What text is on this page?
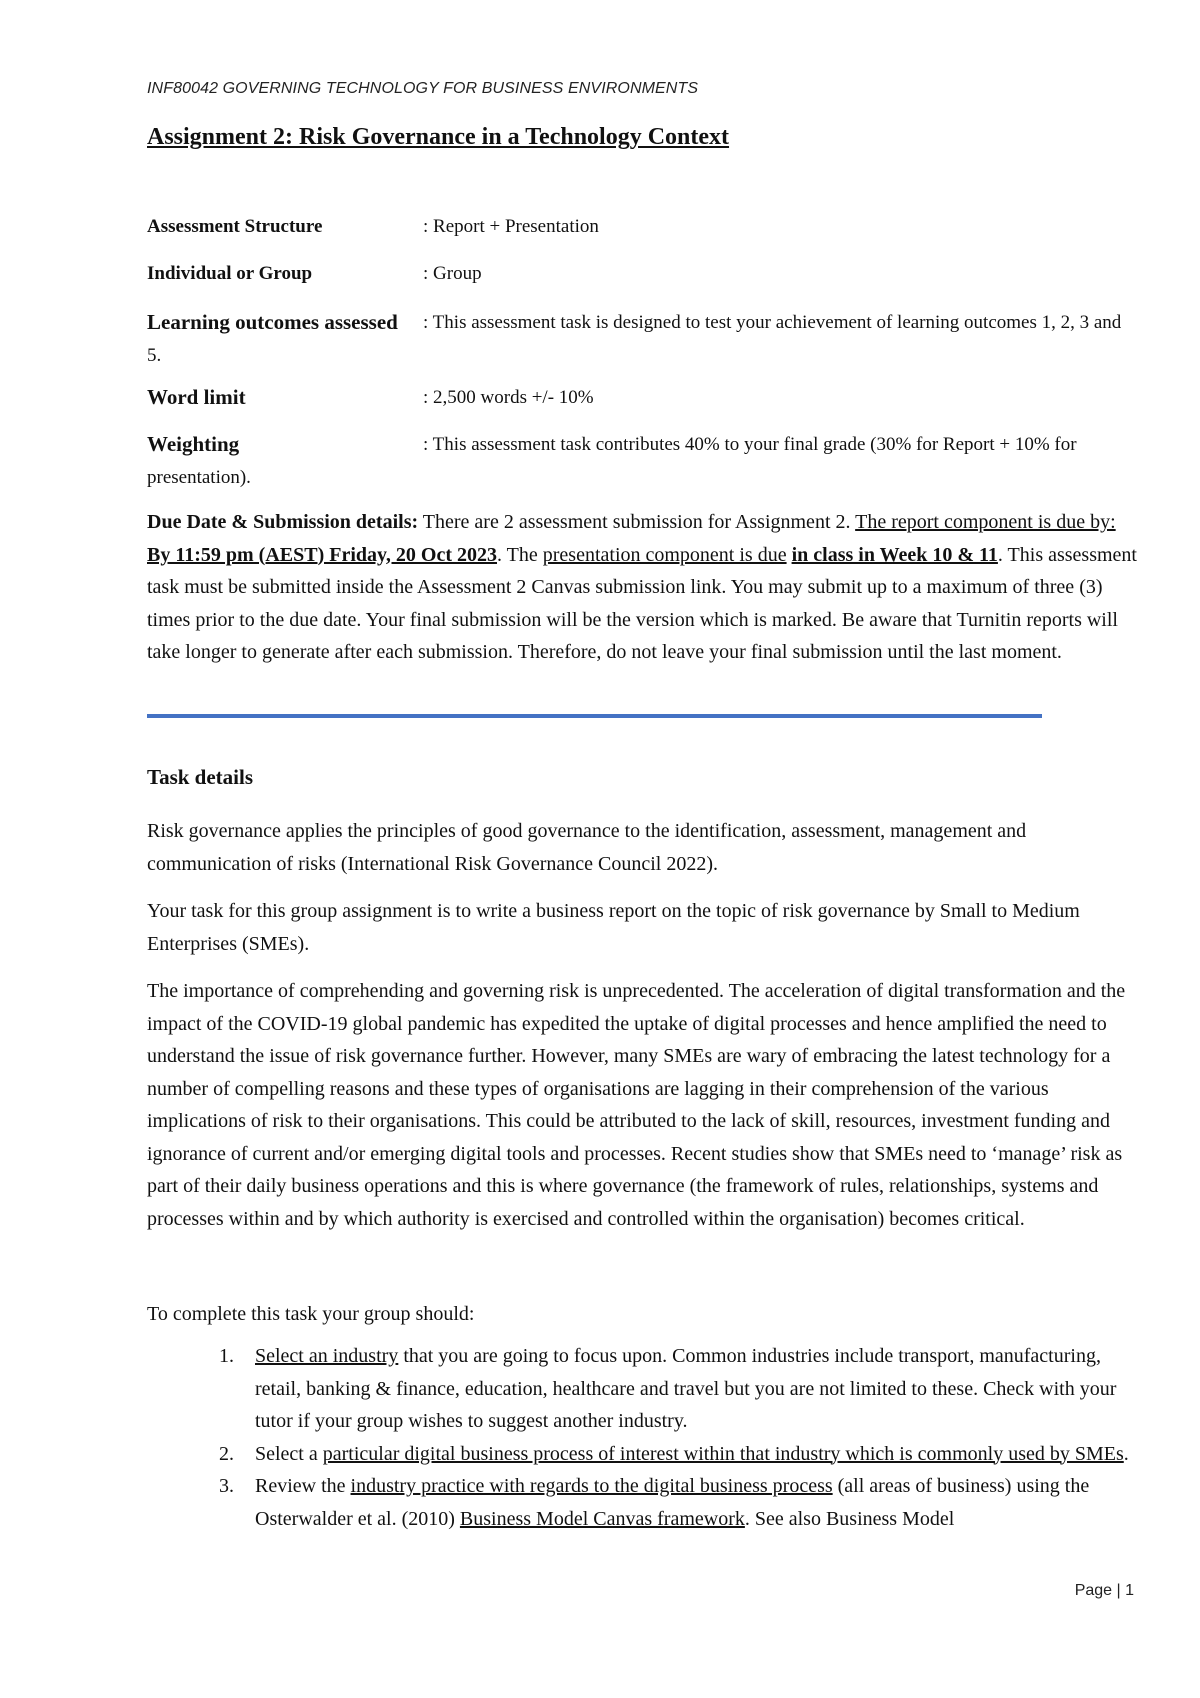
INF80042 GOVERNING TECHNOLOGY FOR BUSINESS ENVIRONMENTS
Assignment 2: Risk Governance in a Technology Context
Assessment Structure	: Report + Presentation
Individual or Group	: Group
Learning outcomes assessed	: This assessment task is designed to test your achievement of learning outcomes 1, 2, 3 and 5.
Word limit	: 2,500 words +/- 10%
Weighting	: This assessment task contributes 40% to your final grade (30% for Report + 10% for presentation).

Due Date & Submission details: There are 2 assessment submission for Assignment 2. The report component is due by: By 11:59 pm (AEST) Friday, 20 Oct 2023. The presentation component is due in class in Week 10 & 11. This assessment task must be submitted inside the Assessment 2 Canvas submission link. You may submit up to a maximum of three (3) times prior to the due date. Your final submission will be the version which is marked. Be aware that Turnitin reports will take longer to generate after each submission. Therefore, do not leave your final submission until the last moment.

Task details

Risk governance applies the principles of good governance to the identification, assessment, management and communication of risks (International Risk Governance Council 2022).

Your task for this group assignment is to write a business report on the topic of risk governance by Small to Medium Enterprises (SMEs).

The importance of comprehending and governing risk is unprecedented. The acceleration of digital transformation and the impact of the COVID-19 global pandemic has expedited the uptake of digital processes and hence amplified the need to understand the issue of risk governance further. However, many SMEs are wary of embracing the latest technology for a number of compelling reasons and these types of organisations are lagging in their comprehension of the various implications of risk to their organisations. This could be attributed to the lack of skill, resources, investment funding and ignorance of current and/or emerging digital tools and processes. Recent studies show that SMEs need to ‘manage’ risk as part of their daily business operations and this is where governance (the framework of rules, relationships, systems and processes within and by which authority is exercised and controlled within the organisation) becomes critical.

To complete this task your group should:

1. Select an industry that you are going to focus upon. Common industries include transport, manufacturing, retail, banking & finance, education, healthcare and travel but you are not limited to these. Check with your tutor if your group wishes to suggest another industry.
2. Select a particular digital business process of interest within that industry which is commonly used by SMEs.
3. Review the industry practice with regards to the digital business process (all areas of business) using the Osterwalder et al. (2010) Business Model Canvas framework. See also Business Model
Page | 1
